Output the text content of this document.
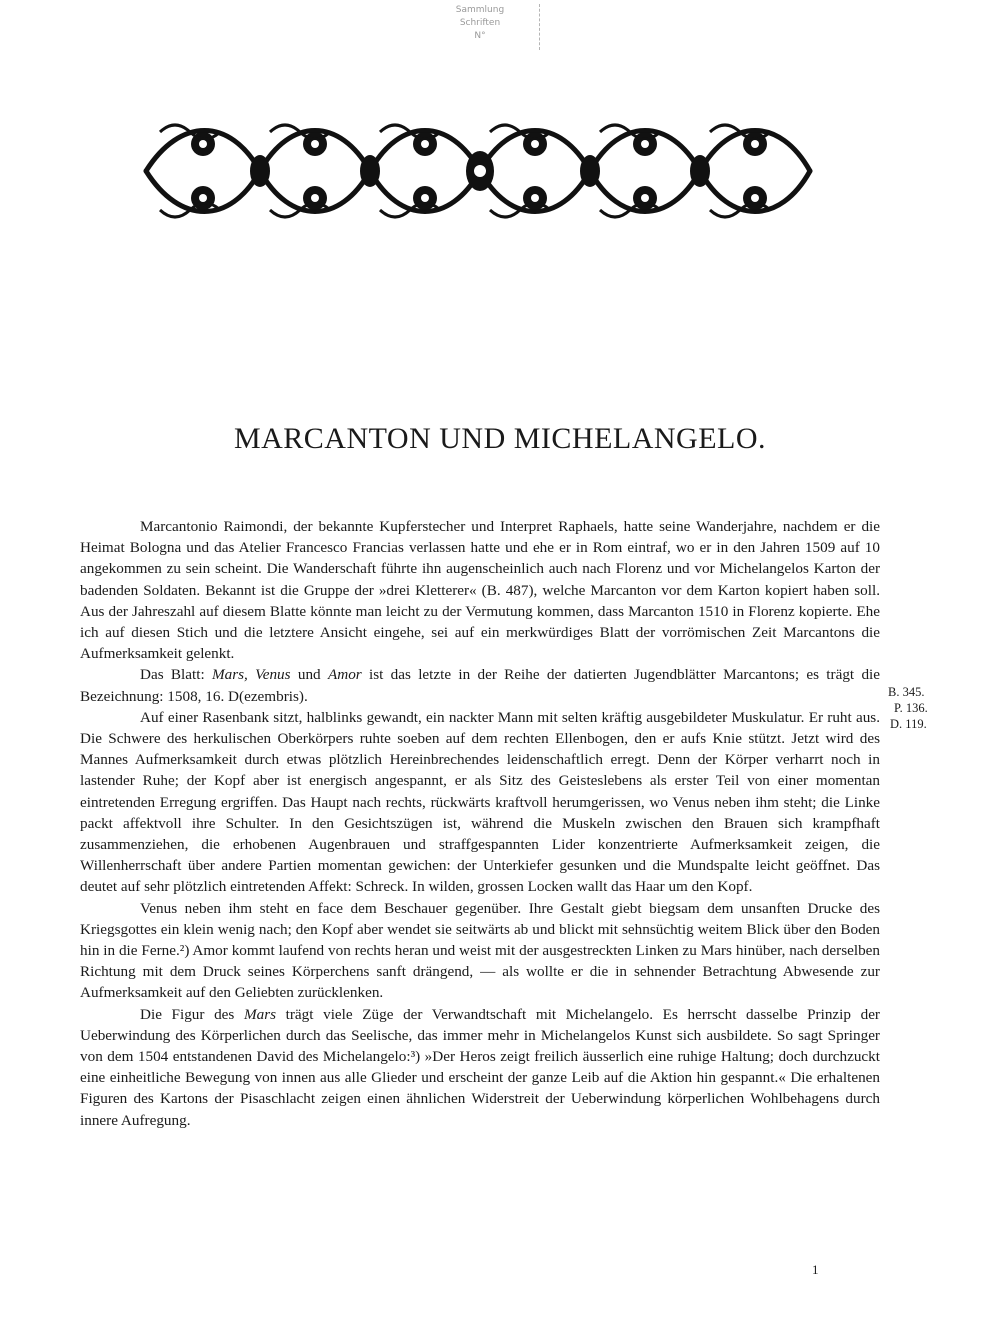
Sammlung
Schriften
N°
MARCANTON UND MICHELANGELO.

Marcantonio Raimondi, der bekannte Kupferstecher und Interpret Raphaels, hatte seine Wanderjahre, nachdem er die Heimat Bologna und das Atelier Francesco Francias verlassen hatte und ehe er in Rom eintraf, wo er in den Jahren 1509 auf 10 angekommen zu sein scheint. Die Wanderschaft führte ihn augenscheinlich auch nach Florenz und vor Michelangelos Karton der badenden Soldaten. Bekannt ist die Gruppe der »drei Kletterer« (B. 487), welche Marcanton vor dem Karton kopiert haben soll. Aus der Jahreszahl auf diesem Blatte könnte man leicht zu der Vermutung kommen, dass Marcanton 1510 in Florenz kopierte. Ehe ich auf diesen Stich und die letztere Ansicht eingehe, sei auf ein merkwürdiges Blatt der vorrömischen Zeit Marcantons die Aufmerksamkeit gelenkt.

Das Blatt: Mars, Venus und Amor ist das letzte in der Reihe der datierten Jugendblätter Marcantons; es trägt die Bezeichnung: 1508, 16. D(ezembris).

Auf einer Rasenbank sitzt, halblinks gewandt, ein nackter Mann mit selten kräftig ausgebildeter Muskulatur. Er ruht aus. Die Schwere des herkulischen Oberkörpers ruhte soeben auf dem rechten Ellenbogen, den er aufs Knie stützt. Jetzt wird des Mannes Aufmerksamkeit durch etwas plötzlich Hereinbrechendes leidenschaftlich erregt. Denn der Körper verharrt noch in lastender Ruhe; der Kopf aber ist energisch angespannt, er als Sitz des Geisteslebens als erster Teil von einer momentan eintretenden Erregung ergriffen. Das Haupt nach rechts, rückwärts kraftvoll herumgerissen, wo Venus neben ihm steht; die Linke packt affektvoll ihre Schulter. In den Gesichtszügen ist, während die Muskeln zwischen den Brauen sich krampfhaft zusammenziehen, die erhobenen Augenbrauen und straffgespannten Lider konzentrierte Aufmerksamkeit zeigen, die Willenherrschaft über andere Partien momentan gewichen: der Unterkiefer gesunken und die Mundspalte leicht geöffnet. Das deutet auf sehr plötzlich eintretenden Affekt: Schreck. In wilden, grossen Locken wallt das Haar um den Kopf.

Venus neben ihm steht en face dem Beschauer gegenüber. Ihre Gestalt giebt biegsam dem unsanften Drucke des Kriegsgottes ein klein wenig nach; den Kopf aber wendet sie seitwärts ab und blickt mit sehnsüchtig weitem Blick über den Boden hin in die Ferne.²) Amor kommt laufend von rechts heran und weist mit der ausgestreckten Linken zu Mars hinüber, nach derselben Richtung mit dem Druck seines Körperchens sanft drängend, — als wollte er die in sehnender Betrachtung Abwesende zur Aufmerksamkeit auf den Geliebten zurücklenken.

Die Figur des Mars trägt viele Züge der Verwandtschaft mit Michelangelo. Es herrscht dasselbe Prinzip der Ueberwindung des Körperlichen durch das Seelische, das immer mehr in Michelangelos Kunst sich ausbildete. So sagt Springer von dem 1504 entstandenen David des Michelangelo:³) »Der Heros zeigt freilich äusserlich eine ruhige Haltung; doch durchzuckt eine einheitliche Bewegung von innen aus alle Glieder und erscheint der ganze Leib auf die Aktion hin gespannt.« Die erhaltenen Figuren des Kartons der Pisaschlacht zeigen einen ähnlichen Widerstreit der Ueberwindung körperlichen Wohlbehagens durch innere Aufregung.

B. 345.
P. 136.
D. 119.
1
